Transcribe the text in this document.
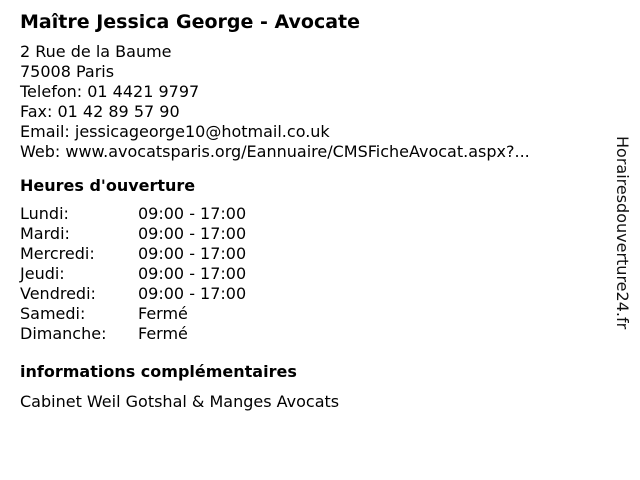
Maître Jessica George - Avocate
2 Rue de la Baume
75008 Paris
Telefon: 01 4421 9797
Fax: 01 42 89 57 90
Email: jessicageorge10@hotmail.co.uk
Web: www.avocatsparis.org/Eannuaire/CMSFicheAvocat.aspx?...
Heures d'ouverture
Lundi:	09:00 - 17:00
Mardi:	09:00 - 17:00
Mercredi:	09:00 - 17:00
Jeudi:	09:00 - 17:00
Vendredi:	09:00 - 17:00
Samedi:	Fermé
Dimanche:	Fermé
informations complémentaires
Cabinet Weil Gotshal & Manges Avocats
Horairesdouverture24.fr
